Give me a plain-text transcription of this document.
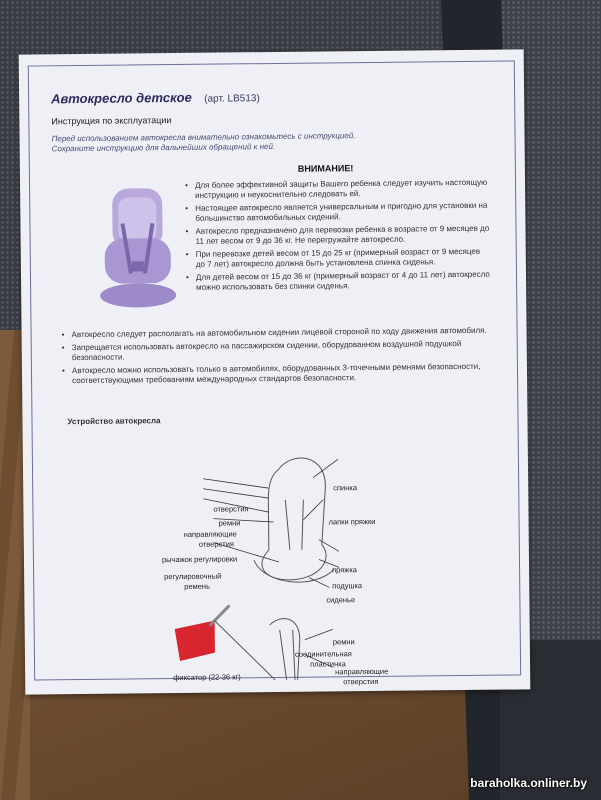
Автокресло детское (арт. LB513)
Инструкция по эксплуатации
Перед использованием автокресла внимательно ознакомьтесь с инструкцией.
Сохраните инструкцию для дальнейших обращений к ней.
ВНИМАНИЕ!
• Для более эффективной защиты Вашего ребенка следует изучить настоящую инструкцию и неукоснительно следовать ей.
• Настоящее автокресло является универсальным и пригодно для установки на большинство автомобильных сидений.
• Автокресло предназначено для перевозки ребенка в возрасте от 9 месяцев до 11 лет весом от 9 до 36 кг. Не перегружайте автокресло.
• При перевозке детей весом от 15 до 25 кг (примерный возраст от 9 месяцев до 7 лет) автокресло должна быть установлена спинка сиденья.
• Для детей весом от 15 до 36 кг (примерный возраст от 4 до 11 лет) автокресло можно использовать без спинки сиденья.
• Автокресло следует располагать на автомобильном сидении лицевой стороной по ходу движения автомобиля.
• Запрещается использовать автокресло на пассажирском сидении, оборудованном воздушной подушкой безопасности.
• Автокресло можно использовать только в автомобилях, оборудованных 3-точечными ремнями безопасности, соответствующими требованиям международных стандартов безопасности.
Устройство автокресла
спинка
отверстия
ремни
направляющие
отверстия
лапки пряжки
рычажок регулировки
пряжка
регулировочный
ремень	подушка
сиденье
ремни
направляющие
отверстия
фиксатор (22-36 кг)
соединительная
пластинка
baraholka.onliner.by
